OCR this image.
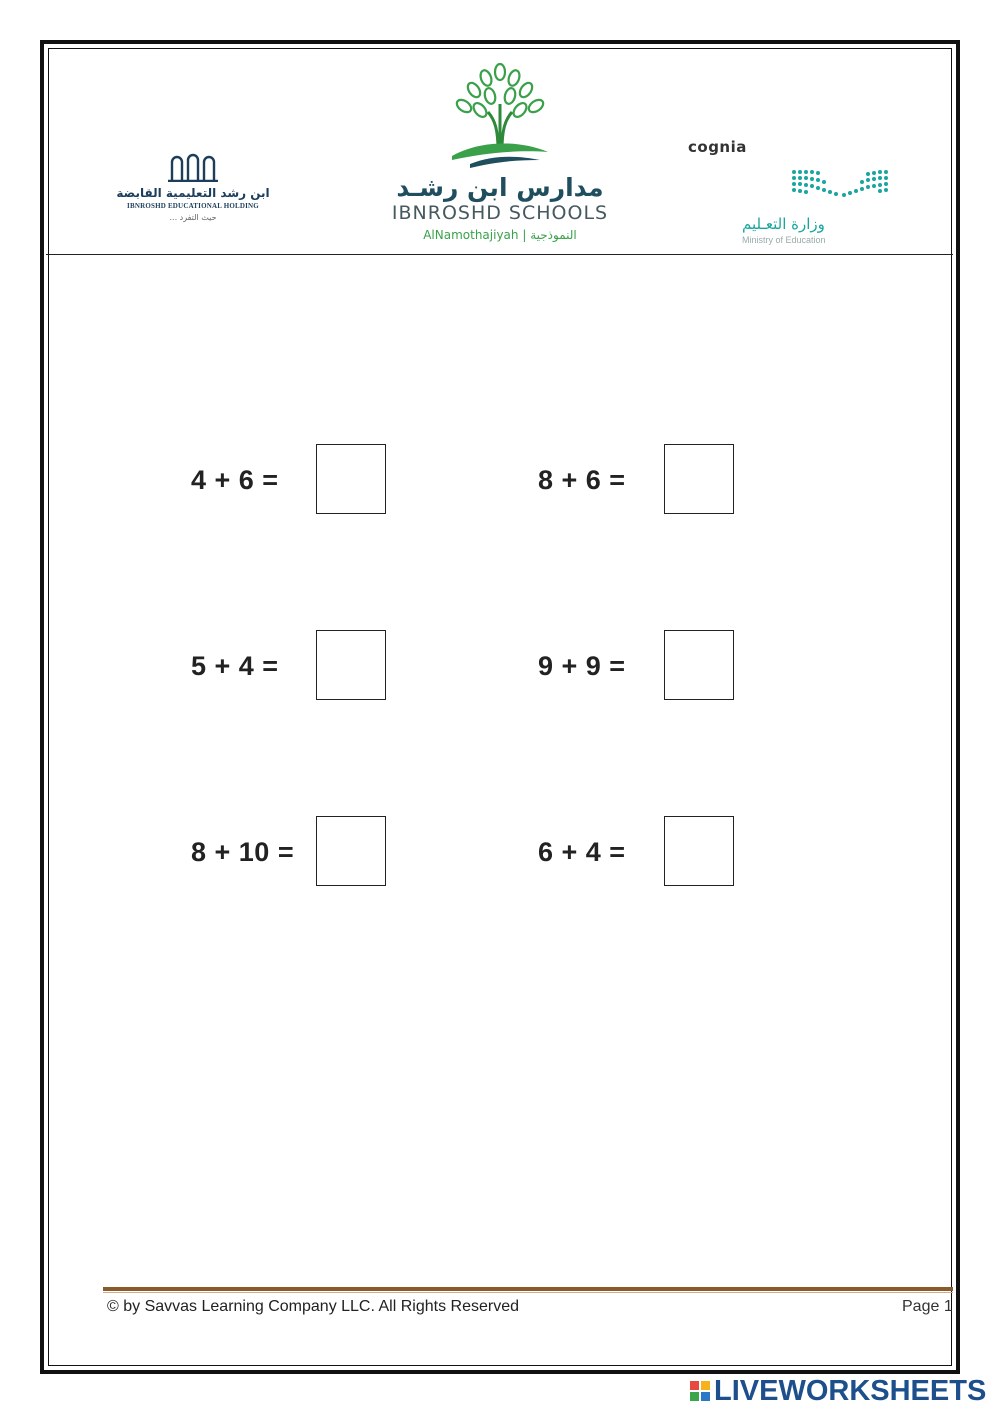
ابن رشد التعليمية القابضة
IBNROSHD EDUCATIONAL HOLDING
حيث التفرد ...
مدارس ابن رشـد
IBNROSHD SCHOOLS
AlNamothajiyah | النموذجية
cognia
وزارة التعـليم
Ministry of Education
4 + 6 =	8 + 6 =
5 + 4 =	9 + 9 =
8 + 10 =	6 + 4 =
© by Savvas Learning Company LLC. All Rights Reserved	Page 1
LIVEWORKSHEETS
